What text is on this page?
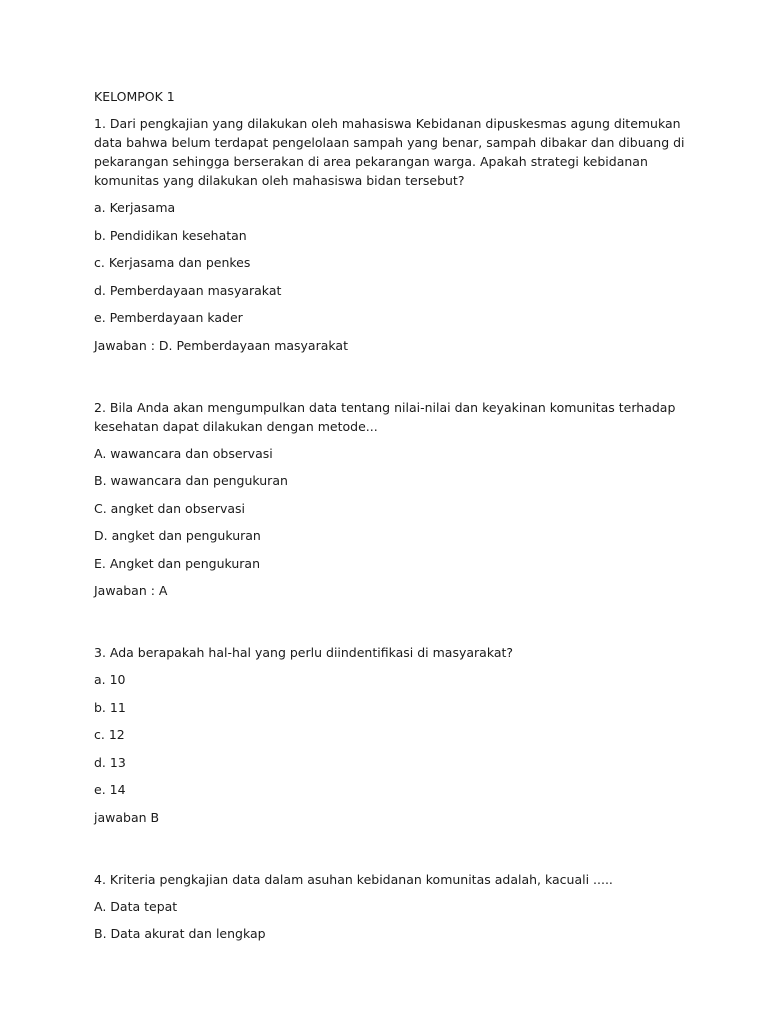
KELOMPOK 1

1. Dari pengkajian yang dilakukan oleh mahasiswa Kebidanan dipuskesmas agung ditemukan data bahwa belum terdapat pengelolaan sampah yang benar, sampah dibakar dan dibuang di pekarangan sehingga berserakan di area pekarangan warga. Apakah strategi kebidanan komunitas yang dilakukan oleh mahasiswa bidan tersebut?

a. Kerjasama

b. Pendidikan kesehatan

c. Kerjasama dan penkes

d. Pemberdayaan masyarakat

e. Pemberdayaan kader

Jawaban : D. Pemberdayaan masyarakat

2. Bila Anda akan mengumpulkan data tentang nilai-nilai dan keyakinan komunitas terhadap kesehatan dapat dilakukan dengan metode...

A. wawancara dan observasi

B. wawancara dan pengukuran

C. angket dan observasi

D. angket dan pengukuran

E. Angket dan pengukuran

Jawaban : A

3. Ada berapakah hal-hal yang perlu diindentifikasi di masyarakat?

a. 10

b. 11

c. 12

d. 13

e. 14

jawaban B

4. Kriteria pengkajian data dalam asuhan kebidanan komunitas adalah, kacuali .....

A. Data tepat

B. Data akurat dan lengkap
